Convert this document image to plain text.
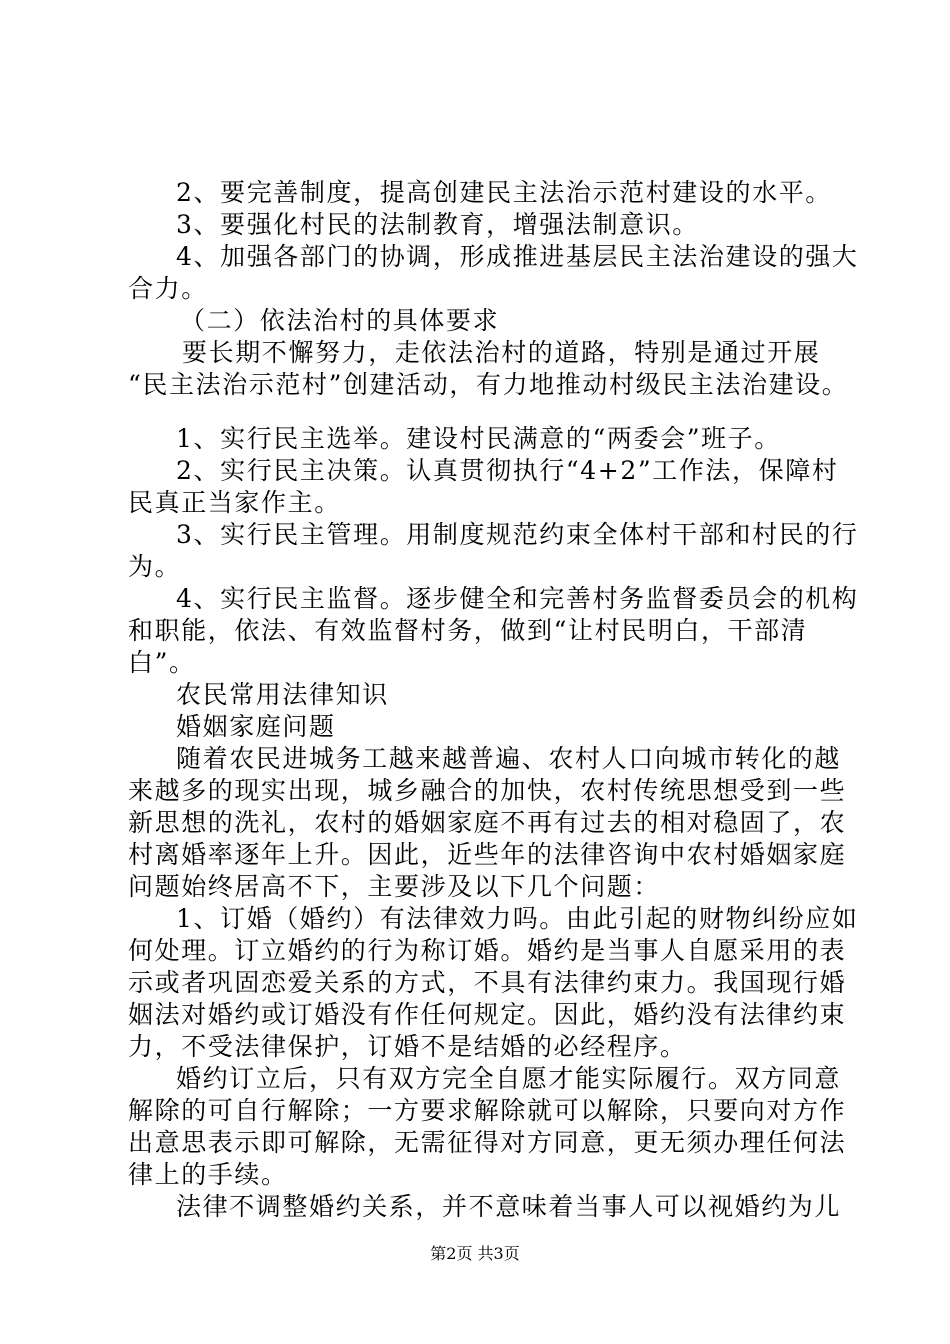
2、要完善制度，提高创建民主法治示范村建设的水平。
3、要强化村民的法制教育，增强法制意识。
4、加强各部门的协调，形成推进基层民主法治建设的强大
合力。
（二）依法治村的具体要求
要长期不懈努力，走依法治村的道路，特别是通过开展
“民主法治示范村”创建活动，有力地推动村级民主法治建设。
1、实行民主选举。建设村民满意的“两委会”班子。
2、实行民主决策。认真贯彻执行“4+2”工作法，保障村
民真正当家作主。
3、实行民主管理。用制度规范约束全体村干部和村民的行
为。
4、实行民主监督。逐步健全和完善村务监督委员会的机构
和职能，依法、有效监督村务，做到“让村民明白，干部清
白”。
农民常用法律知识
婚姻家庭问题
随着农民进城务工越来越普遍、农村人口向城市转化的越
来越多的现实出现，城乡融合的加快，农村传统思想受到一些
新思想的洗礼，农村的婚姻家庭不再有过去的相对稳固了，农
村离婚率逐年上升。因此，近些年的法律咨询中农村婚姻家庭
问题始终居高不下，主要涉及以下几个问题：
1、订婚（婚约）有法律效力吗。由此引起的财物纠纷应如
何处理。订立婚约的行为称订婚。婚约是当事人自愿采用的表
示或者巩固恋爱关系的方式，不具有法律约束力。我国现行婚
姻法对婚约或订婚没有作任何规定。因此，婚约没有法律约束
力，不受法律保护，订婚不是结婚的必经程序。
婚约订立后，只有双方完全自愿才能实际履行。双方同意
解除的可自行解除；一方要求解除就可以解除，只要向对方作
出意思表示即可解除，无需征得对方同意，更无须办理任何法
律上的手续。
法律不调整婚约关系，并不意味着当事人可以视婚约为儿
第2页 共3页
